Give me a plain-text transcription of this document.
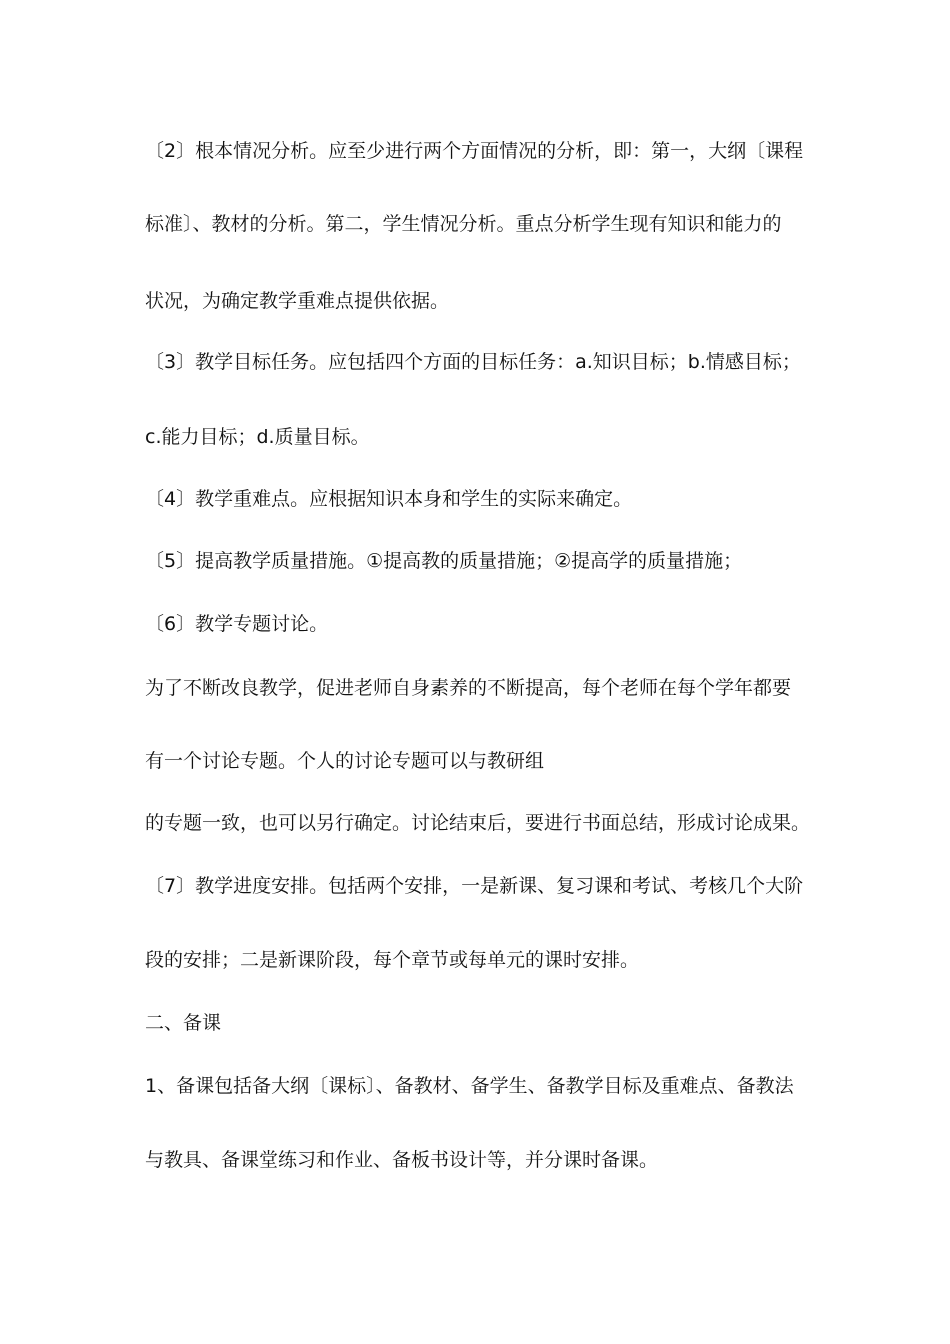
〔2〕根本情况分析。应至少进行两个方面情况的分析，即：第一，大纲〔课程

标准〕、教材的分析。第二，学生情况分析。重点分析学生现有知识和能力的

状况，为确定教学重难点提供依据。

〔3〕教学目标任务。应包括四个方面的目标任务：a.知识目标；b.情感目标；

c.能力目标；d.质量目标。

〔4〕教学重难点。应根据知识本身和学生的实际来确定。

〔5〕提高教学质量措施。①提高教的质量措施；②提高学的质量措施；

〔6〕教学专题讨论。

为了不断改良教学，促进老师自身素养的不断提高，每个老师在每个学年都要

有一个讨论专题。个人的讨论专题可以与教研组

的专题一致，也可以另行确定。讨论结束后，要进行书面总结，形成讨论成果。

〔7〕教学进度安排。包括两个安排，一是新课、复习课和考试、考核几个大阶

段的安排；二是新课阶段，每个章节或每单元的课时安排。

二、备课

1、备课包括备大纲〔课标〕、备教材、备学生、备教学目标及重难点、备教法

与教具、备课堂练习和作业、备板书设计等，并分课时备课。
